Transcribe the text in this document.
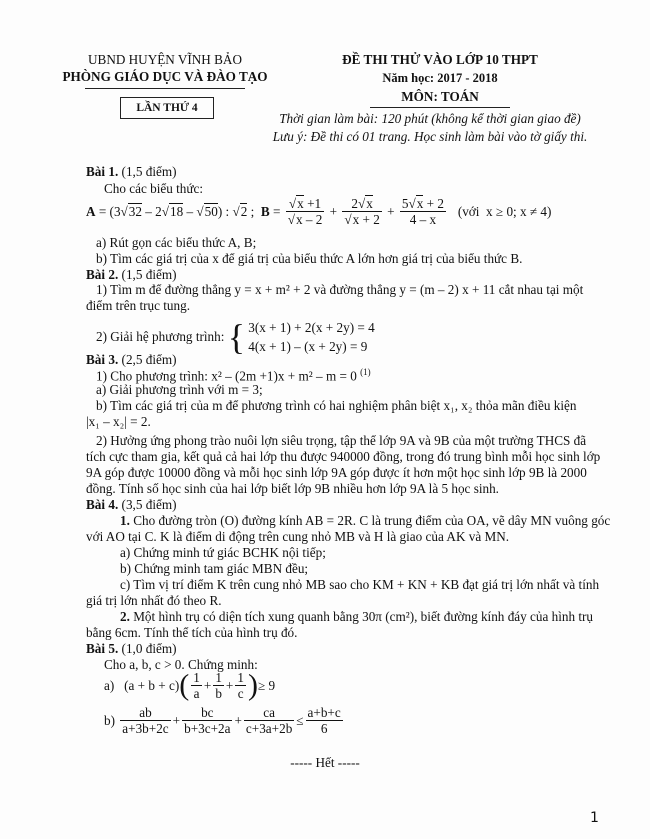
UBND HUYỆN VĨNH BẢO
PHÒNG GIÁO DỤC VÀ ĐÀO TẠO
LẦN THỨ 4
ĐỀ THI THỬ VÀO LỚP 10 THPT
Năm học: 2017 - 2018
MÔN: TOÁN
Thời gian làm bài: 120 phút (không kể thời gian giao đề)
Lưu ý: Đề thi có 01 trang. Học sinh làm bài vào tờ giấy thi.
Bài 1. (1,5 điểm)
Cho các biểu thức:
A = (3√32 – 2√18 – √50) : √2 ;  $B = \frac{√x +1}{√x - 2} + \frac{2√x}{√x + 2} + \frac{5√x + 2}{4 - x}$ (với  x ≥ 0; x ≠ 4)
a) Rút gọn các biểu thức A, B;
b) Tìm các giá trị của x để giá trị của biểu thức A lớn hơn giá trị của biểu thức B.
Bài 2. (1,5 điểm)
1) Tìm m để đường thẳng y = x + m² + 2 và đường thẳng y = (m – 2) x + 11 cắt nhau tại một
điểm trên trục tung.
2) Giải hệ phương trình: { 3(x + 1) + 2(x + 2y) = 4
4(x + 1) – (x + 2y) = 9
Bài 3. (2,5 điểm)
1) Cho phương trình: x² – (2m +1)x + m² – m = 0 $^{(1)}$
a) Giải phương trình với m = 3;
b) Tìm các giá trị của m để phương trình có hai nghiệm phân biệt x₁, x₂ thỏa mãn điều kiện
|x₁ – x₂| = 2.
2) Hưởng ứng phong trào nuôi lợn siêu trọng, tập thể lớp 9A và 9B của một trường THCS đã
tích cực tham gia, kết quả cả hai lớp thu được 940000 đồng, trong đó trung bình mỗi học sinh lớp
9A góp được 10000 đồng và mỗi học sinh lớp 9A góp được ít hơn một học sinh lớp 9B là 2000
đồng. Tính số học sinh của hai lớp biết lớp 9B nhiều hơn lớp 9A là 5 học sinh.
Bài 4. (3,5 điểm)
1. Cho đường tròn (O) đường kính AB = 2R. C là trung điểm của OA, vẽ dây MN vuông góc
với AO tại C. K là điểm di động trên cung nhỏ MB và H là giao của AK và MN.
a) Chứng minh tứ giác BCHK nội tiếp;
b) Chứng minh tam giác MBN đều;
c) Tìm vị trí điểm K trên cung nhỏ MB sao cho KM + KN + KB đạt giá trị lớn nhất và tính
giá trị lớn nhất đó theo R.
2. Một hình trụ có diện tích xung quanh bằng 30π (cm²), biết đường kính đáy của hình trụ
bằng 6cm. Tính thể tích của hình trụ đó.
Bài 5. (1,0 điểm)
Cho a, b, c > 0. Chứng minh:
a)   $(a + b + c)( \frac{1}{a} + \frac{1}{b} + \frac{1}{c}$ )≥ 9
$b) \frac{ab}{a+3b+2c} + \frac{bc}{b+3c+2a} + \frac{ca}{c+3a+2b} \le \frac{a+b+c}{6}$
----- Hết -----
1
